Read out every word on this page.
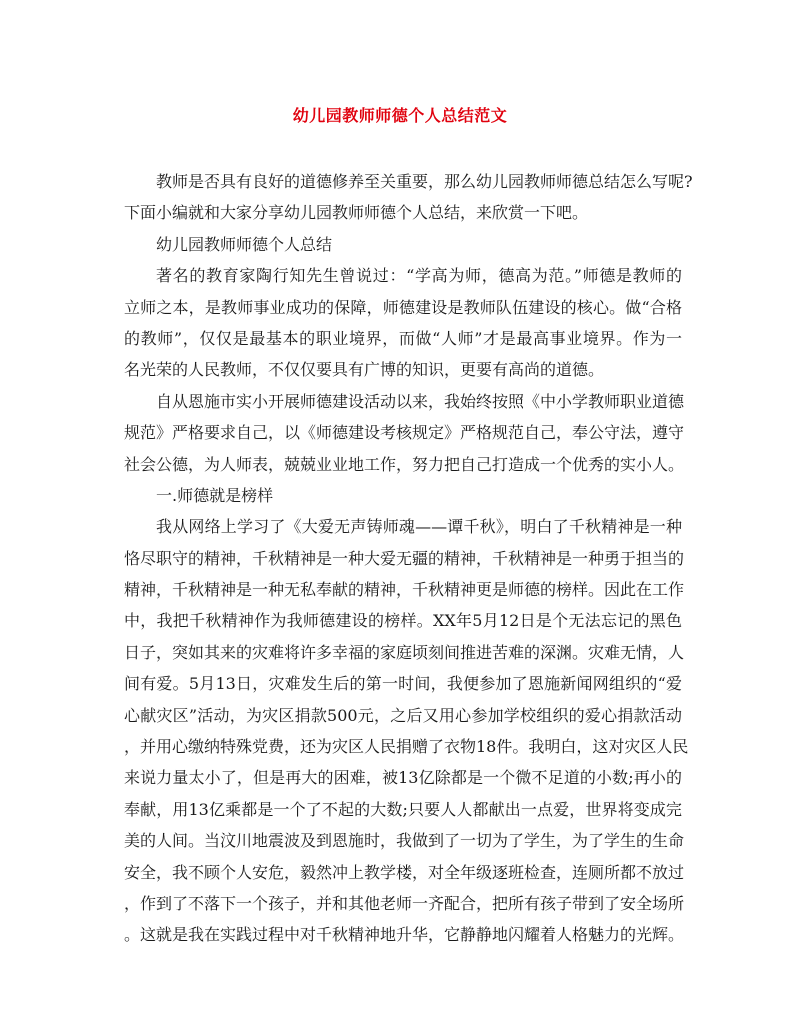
幼儿园教师师德个人总结范文
教师是否具有良好的道德修养至关重要，那么幼儿园教师师德总结怎么写呢?
下面小编就和大家分享幼儿园教师师德个人总结，来欣赏一下吧。
幼儿园教师师德个人总结
著名的教育家陶行知先生曾说过：“学高为师，德高为范。”师德是教师的
立师之本，是教师事业成功的保障，师德建设是教师队伍建设的核心。做“合格
的教师”，仅仅是最基本的职业境界，而做“人师”才是最高事业境界。作为一
名光荣的人民教师，不仅仅要具有广博的知识，更要有高尚的道德。
自从恩施市实小开展师德建设活动以来，我始终按照《中小学教师职业道德
规范》严格要求自己，以《师德建设考核规定》严格规范自己，奉公守法，遵守
社会公德，为人师表，兢兢业业地工作，努力把自己打造成一个优秀的实小人。
一.师德就是榜样
我从网络上学习了《大爱无声铸师魂——谭千秋》，明白了千秋精神是一种
恪尽职守的精神，千秋精神是一种大爱无疆的精神，千秋精神是一种勇于担当的
精神，千秋精神是一种无私奉献的精神，千秋精神更是师德的榜样。因此在工作
中，我把千秋精神作为我师德建设的榜样。XX年5月12日是个无法忘记的黑色
日子，突如其来的灾难将许多幸福的家庭顷刻间推进苦难的深渊。灾难无情，人
间有爱。5月13日，灾难发生后的第一时间，我便参加了恩施新闻网组织的“爱
心献灾区”活动，为灾区捐款500元，之后又用心参加学校组织的爱心捐款活动
，并用心缴纳特殊党费，还为灾区人民捐赠了衣物18件。我明白，这对灾区人民
来说力量太小了，但是再大的困难，被13亿除都是一个微不足道的小数;再小的
奉献，用13亿乘都是一个了不起的大数;只要人人都献出一点爱，世界将变成完
美的人间。当汶川地震波及到恩施时，我做到了一切为了学生，为了学生的生命
安全，我不顾个人安危，毅然冲上教学楼，对全年级逐班检查，连厕所都不放过
，作到了不落下一个孩子，并和其他老师一齐配合，把所有孩子带到了安全场所
。这就是我在实践过程中对千秋精神地升华，它静静地闪耀着人格魅力的光辉。
